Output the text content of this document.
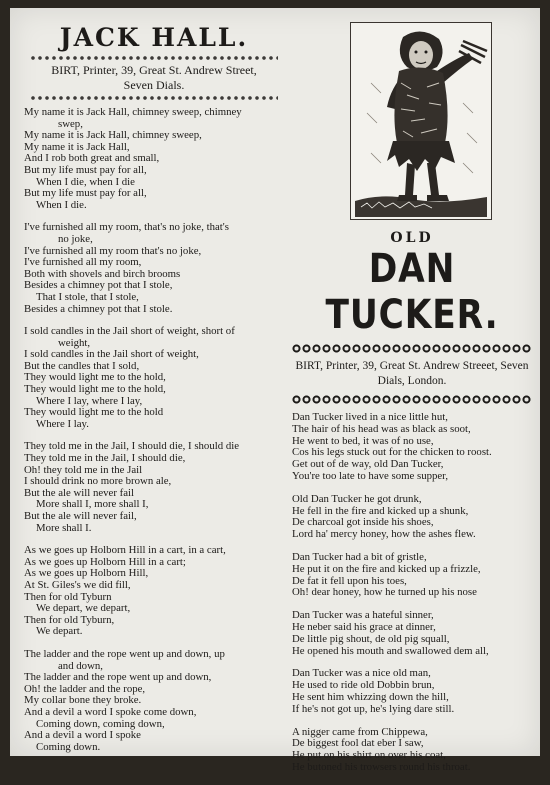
JACK HALL.
BIRT, Printer, 39, Great St. Andrew Street,
Seven Dials.
My name it is Jack Hall, chimney sweep, chimney
swep,
My name it is Jack Hall, chimney sweep,
My name it is Jack Hall,
And I rob both great and small,
But my life must pay for all,
When I die, when I die
But my life must pay for all,
When I die.
I've furnished all my room, that's no joke, that's
no joke,
I've furnished all my room that's no joke,
I've furnished all my room,
Both with shovels and birch brooms
Besides a chimney pot that I stole,
That I stole, that I stole,
Besides a chimney pot that I stole.
I sold candles in the Jail short of weight, short of
weight,
I sold candles in the Jail short of weight,
But the candles that I sold,
They would light me to the hold,
They would light me to the hold,
Where I lay, where I lay,
They would light me to the hold
Where I lay.
They told me in the Jail, I should die, I should die
They told me in the Jail, I should die,
Oh! they told me in the Jail
I should drink no more brown ale,
But the ale will never fail
More shall I, more shall I,
But the ale will never fail,
More shall I.
As we goes up Holborn Hill in a cart, in a cart,
As we goes up Holborn Hill in a cart;
As we goes up Holborn Hill,
At St. Giles's we did fill,
Then for old Tyburn
We depart, we depart,
Then for old Tyburn,
We depart.
The ladder and the rope went up and down, up
and down,
The ladder and the rope went up and down,
Oh! the ladder and the rope,
My collar bone they broke.
And a devil a word I spoke come down,
Coming down, coming down,
And a devil a word I spoke
Coming down.
OLD
DAN TUCKER.
BIRT, Printer, 39, Great St. Andrew Streeet, Seven
Dials, London.
Dan Tucker lived in a nice little hut,
The hair of his head was as black as soot,
He went to bed, it was of no use,
Cos his legs stuck out for the chicken to roost.
Get out of de way, old Dan Tucker,
You're too late to have some supper,
Old Dan Tucker he got drunk,
He fell in the fire and kicked up a shunk,
De charcoal got inside his shoes,
Lord ha' mercy honey, how the ashes flew.
Dan Tucker had a bit of gristle,
He put it on the fire and kicked up a frizzle,
De fat it fell upon his toes,
Oh! dear honey, how he turned up his nose
Dan Tucker was a hateful sinner,
He neber said his grace at dinner,
De little pig shout, de old pig squall,
He opened his mouth and swallowed dem all,
Dan Tucker was a nice old man,
He used to ride old Dobbin brun,
He sent him whizzing down the hill,
If he's not got up, he's lying dare still.
A nigger came from Chippewa,
De biggest fool dat eber I saw,
He put on his shirt on over his coat,
He butoned his trowsers round his throat.
